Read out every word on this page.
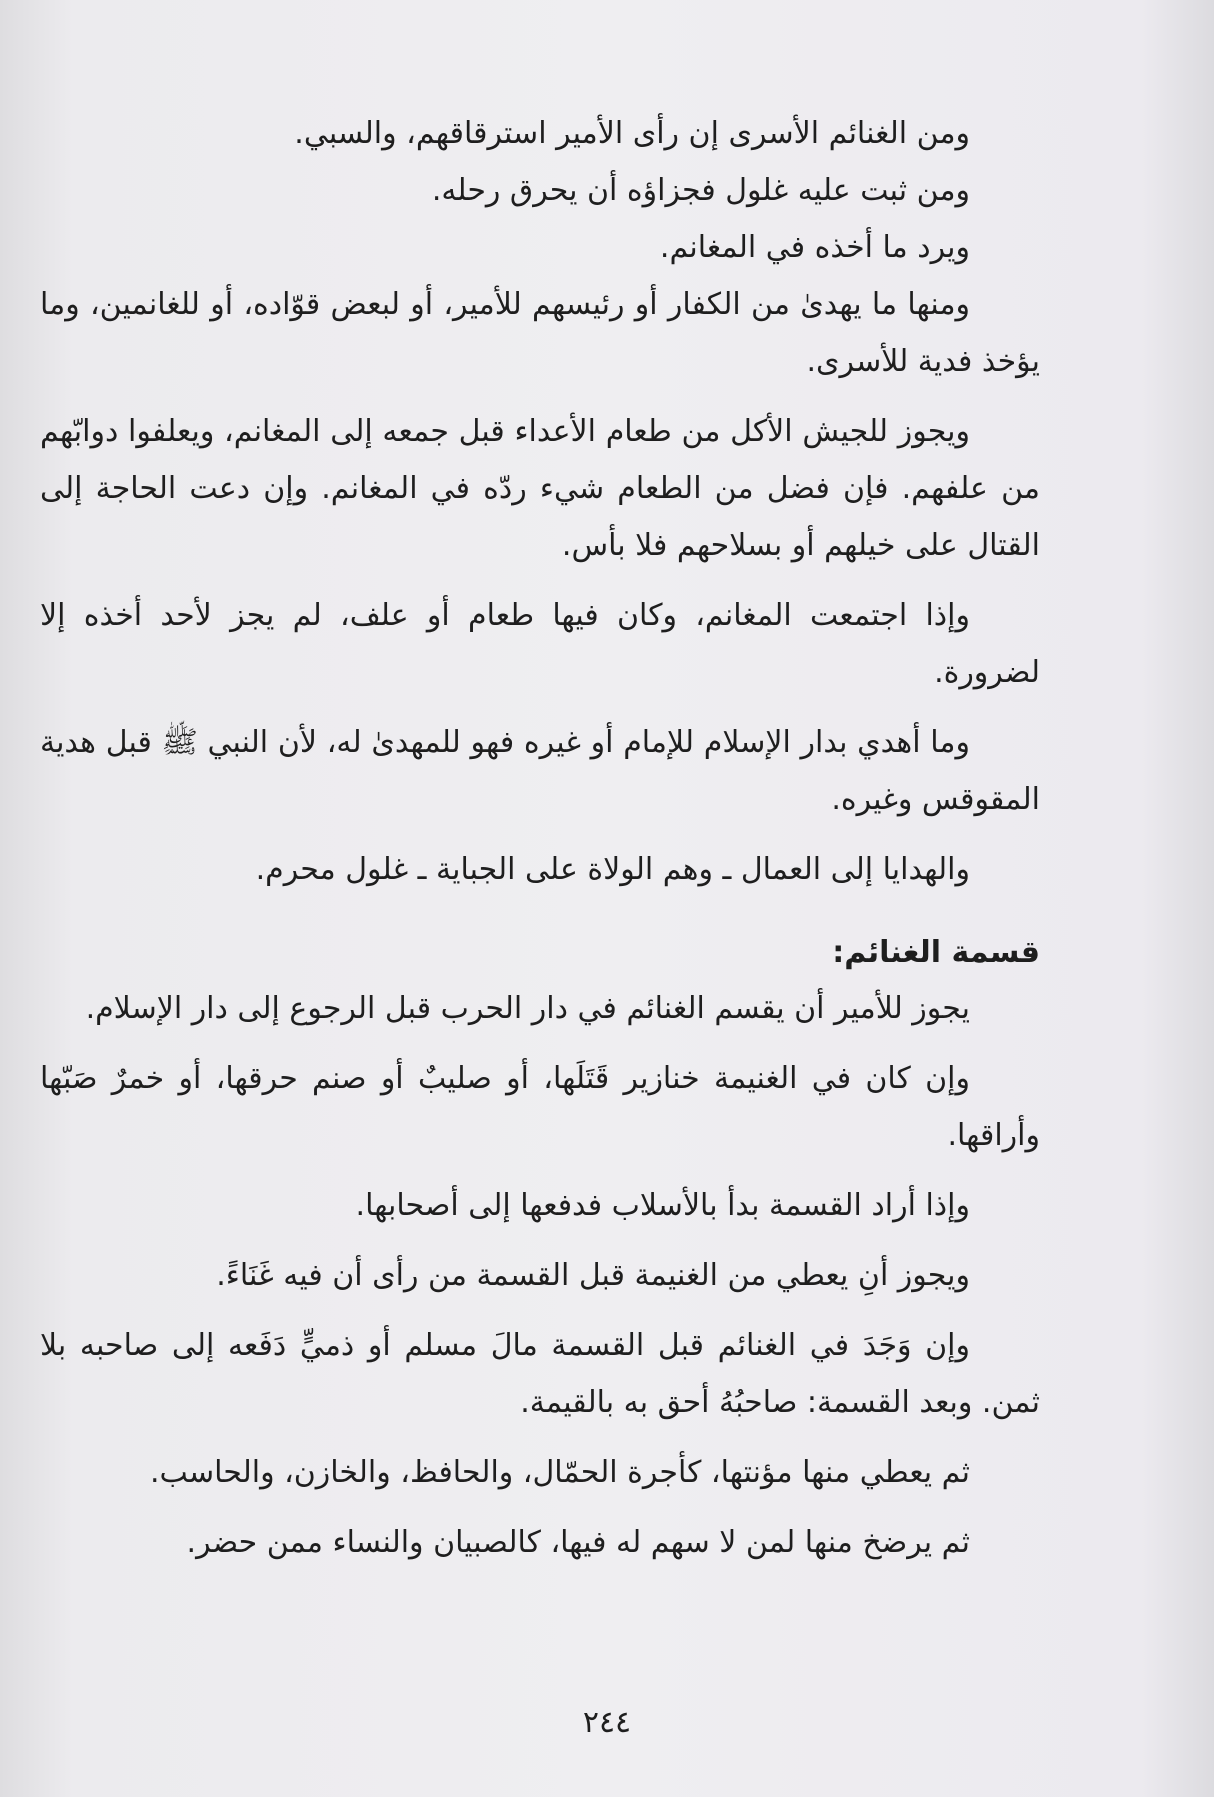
ومن الغنائم الأسرى إن رأى الأمير استرقاقهم، والسبي.

ومن ثبت عليه غلول فجزاؤه أن يحرق رحله.

ويرد ما أخذه في المغانم.

ومنها ما يهدىٰ من الكفار أو رئيسهم للأمير، أو لبعض قوّاده، أو للغانمين، وما يؤخذ فدية للأسرى.

ويجوز للجيش الأكل من طعام الأعداء قبل جمعه إلى المغانم، ويعلفوا دوابّهم من علفهم. فإن فضل من الطعام شيء ردّه في المغانم. وإن دعت الحاجة إلى القتال على خيلهم أو بسلاحهم فلا بأس.

وإذا اجتمعت المغانم، وكان فيها طعام أو علف، لم يجز لأحد أخذه إلا لضرورة.

وما أهدي بدار الإسلام للإمام أو غيره فهو للمهدىٰ له، لأن النبي ﷺ قبل هدية المقوقس وغيره.

والهدايا إلى العمال ـ وهم الولاة على الجباية ـ غلول محرم.

قسمة الغنائم:

يجوز للأمير أن يقسم الغنائم في دار الحرب قبل الرجوع إلى دار الإسلام.

وإن كان في الغنيمة خنازير قَتَلَها، أو صليبٌ أو صنم حرقها، أو خمرٌ صَبّها وأراقها.

وإذا أراد القسمة بدأ بالأسلاب فدفعها إلى أصحابها.

ويجوز أنِ يعطي من الغنيمة قبل القسمة من رأى أن فيه غَنَاءً.

وإن وَجَدَ في الغنائم قبل القسمة مالَ مسلم أو ذميٍّ دَفَعه إلى صاحبه بلا ثمن. وبعد القسمة: صاحبُهُ أحق به بالقيمة.

ثم يعطي منها مؤنتها، كأجرة الحمّال، والحافظ، والخازن، والحاسب.

ثم يرضخ منها لمن لا سهم له فيها، كالصبيان والنساء ممن حضر.

٢٤٤
